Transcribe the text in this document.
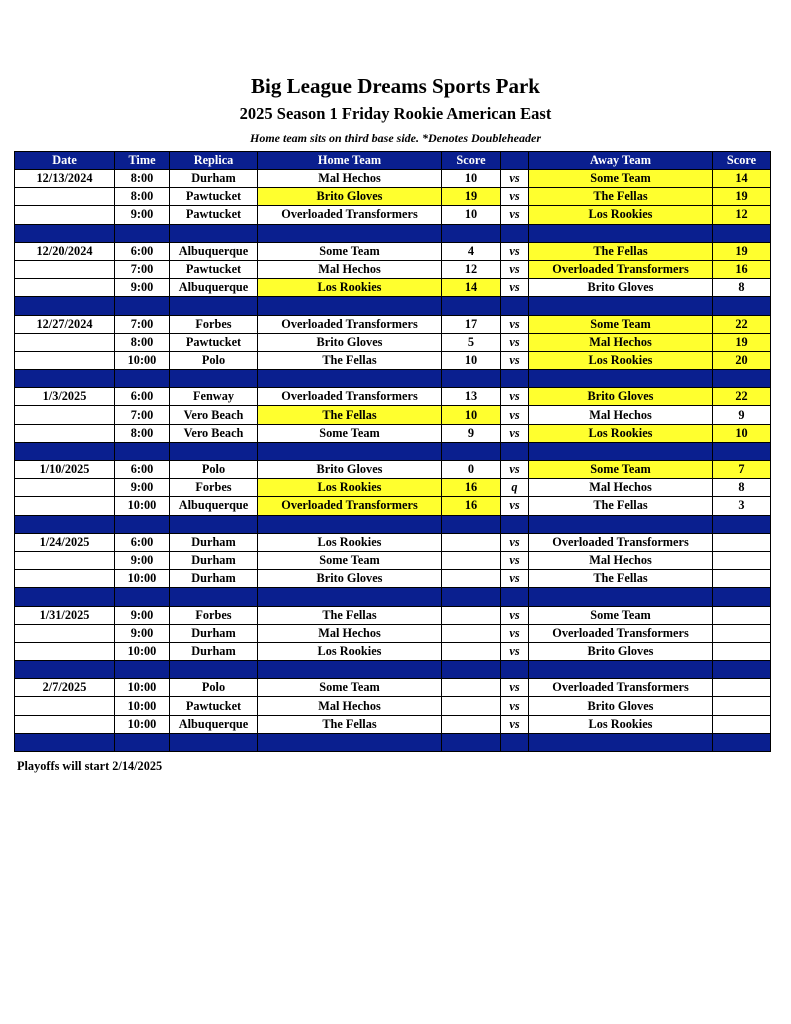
Big League Dreams Sports Park
2025 Season 1 Friday Rookie American East
Home team sits on third base side. *Denotes Doubleheader
Date	Time	Replica	Home Team	Score		Away Team	Score
12/13/2024	8:00	Durham	Mal Hechos	10	vs	Some Team	14
	8:00	Pawtucket	Brito Gloves	19	vs	The Fellas	19
	9:00	Pawtucket	Overloaded Transformers	10	vs	Los Rookies	12

12/20/2024	6:00	Albuquerque	Some Team	4	vs	The Fellas	19
	7:00	Pawtucket	Mal Hechos	12	vs	Overloaded Transformers	16
	9:00	Albuquerque	Los Rookies	14	vs	Brito Gloves	8

12/27/2024	7:00	Forbes	Overloaded Transformers	17	vs	Some Team	22
	8:00	Pawtucket	Brito Gloves	5	vs	Mal Hechos	19
	10:00	Polo	The Fellas	10	vs	Los Rookies	20

1/3/2025	6:00	Fenway	Overloaded Transformers	13	vs	Brito Gloves	22
	7:00	Vero Beach	The Fellas	10	vs	Mal Hechos	9
	8:00	Vero Beach	Some Team	9	vs	Los Rookies	10

1/10/2025	6:00	Polo	Brito Gloves	0	vs	Some Team	7
	9:00	Forbes	Los Rookies	16	q	Mal Hechos	8
	10:00	Albuquerque	Overloaded Transformers	16	vs	The Fellas	3

1/24/2025	6:00	Durham	Los Rookies		vs	Overloaded Transformers	
	9:00	Durham	Some Team		vs	Mal Hechos	
	10:00	Durham	Brito Gloves		vs	The Fellas	

1/31/2025	9:00	Forbes	The Fellas		vs	Some Team	
	9:00	Durham	Mal Hechos		vs	Overloaded Transformers	
	10:00	Durham	Los Rookies		vs	Brito Gloves	

2/7/2025	10:00	Polo	Some Team		vs	Overloaded Transformers	
	10:00	Pawtucket	Mal Hechos		vs	Brito Gloves	
	10:00	Albuquerque	The Fellas		vs	Los Rookies	

Playoffs will start 2/14/2025
